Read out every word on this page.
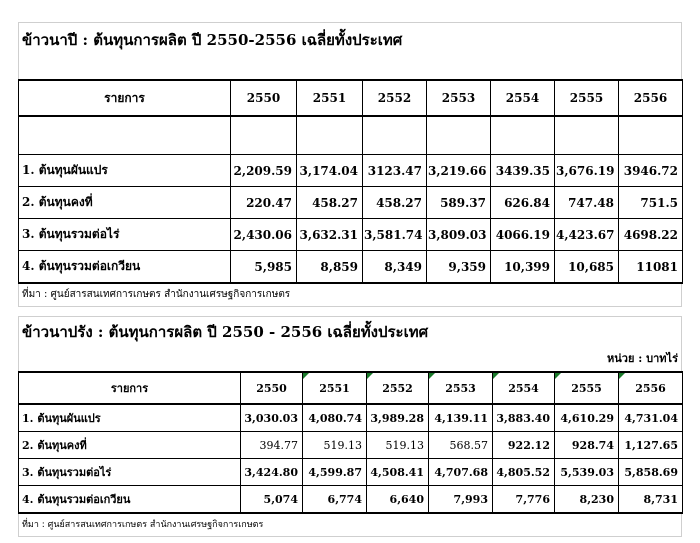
ข้าวนาปี : ต้นทุนการผลิต ปี 2550-2556 เฉลี่ยทั้งประเทศ
รายการ	2550	2551	2552	2553	2554	2555	2556

1. ต้นทุนผันแปร	2,209.59	3,174.04	3123.47	3,219.66	3439.35	3,676.19	3946.72
2. ต้นทุนคงที่	220.47	458.27	458.27	589.37	626.84	747.48	751.5
3. ต้นทุนรวมต่อไร่	2,430.06	3,632.31	3,581.74	3,809.03	4066.19	4,423.67	4698.22
4. ต้นทุนรวมต่อเกวียน	5,985	8,859	8,349	9,359	10,399	10,685	11081
ที่มา : ศูนย์สารสนเทศการเกษตร สำนักงานเศรษฐกิจการเกษตร
ข้าวนาปรัง : ต้นทุนการผลิต ปี 2550 - 2556 เฉลี่ยทั้งประเทศ
หน่วย : บาทไร่
รายการ	2550	2551	2552	2553	2554	2555	2556
1. ต้นทุนผันแปร	3,030.03	4,080.74	3,989.28	4,139.11	3,883.40	4,610.29	4,731.04
2. ต้นทุนคงที่	394.77	519.13	519.13	568.57	922.12	928.74	1,127.65
3. ต้นทุนรวมต่อไร่	3,424.80	4,599.87	4,508.41	4,707.68	4,805.52	5,539.03	5,858.69
4. ต้นทุนรวมต่อเกวียน	5,074	6,774	6,640	7,993	7,776	8,230	8,731
ที่มา : ศูนย์สารสนเทศการเกษตร สำนักงานเศรษฐกิจการเกษตร
